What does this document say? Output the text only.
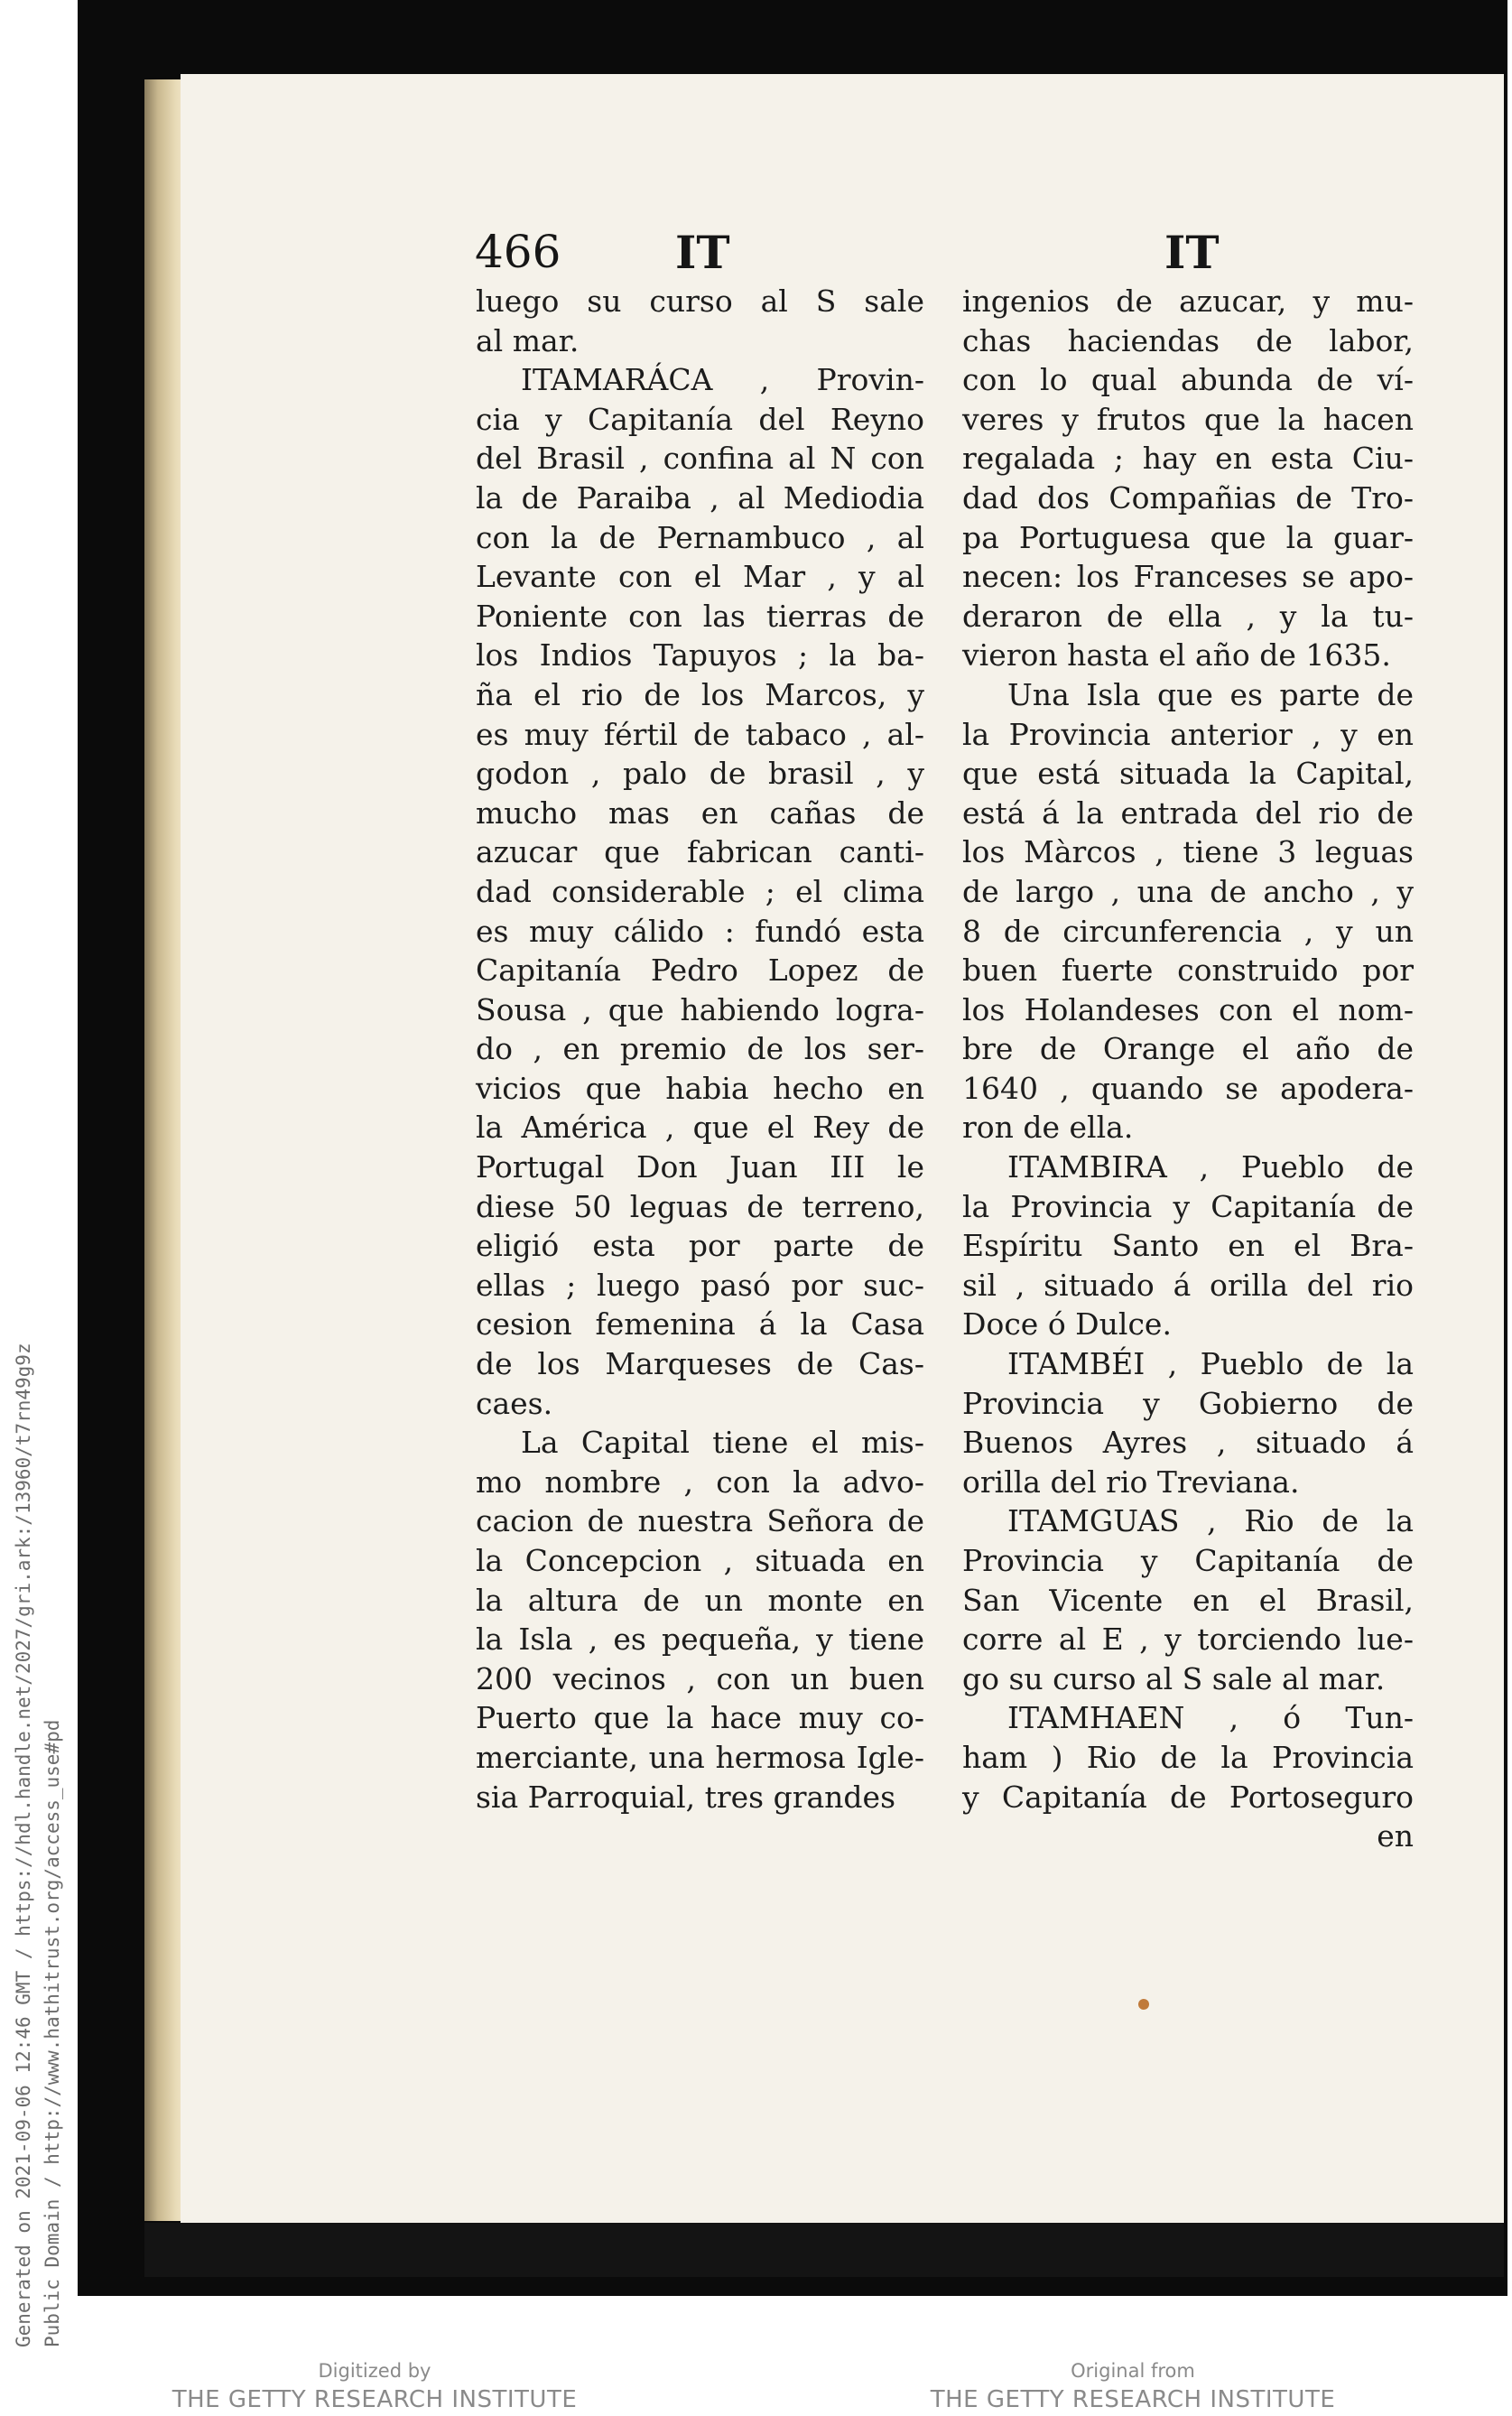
466	IT	IT
luego su curso al S sale
al mar.
ITAMARÁCA , Provin-
cia y Capitanía del Reyno
del Brasil , confina al N con
la de Paraiba , al Mediodia
con la de Pernambuco , al
Levante con el Mar , y al
Poniente con las tierras de
los Indios Tapuyos ; la ba-
ña el rio de los Marcos, y
es muy fértil de tabaco , al-
godon , palo de brasil , y
mucho mas en cañas de
azucar que fabrican canti-
dad considerable ; el clima
es muy cálido : fundó esta
Capitanía Pedro Lopez de
Sousa , que habiendo logra-
do , en premio de los ser-
vicios que habia hecho en
la América , que el Rey de
Portugal Don Juan III le
diese 50 leguas de terreno,
eligió esta por parte de
ellas ; luego pasó por suc-
cesion femenina á la Casa
de los Marqueses de Cas-
caes.
La Capital tiene el mis-
mo nombre , con la advo-
cacion de nuestra Señora de
la Concepcion , situada en
la altura de un monte en
la Isla , es pequeña, y tiene
200 vecinos , con un buen
Puerto que la hace muy co-
merciante, una hermosa Igle-
sia Parroquial, tres grandes
ingenios de azucar, y mu-
chas haciendas de labor,
con lo qual abunda de ví-
veres y frutos que la hacen
regalada ; hay en esta Ciu-
dad dos Compañias de Tro-
pa Portuguesa que la guar-
necen: los Franceses se apo-
deraron de ella , y la tu-
vieron hasta el año de 1635.
Una Isla que es parte de
la Provincia anterior , y en
que está situada la Capital,
está á la entrada del rio de
los Màrcos , tiene 3 leguas
de largo , una de ancho , y
8 de circunferencia , y un
buen fuerte construido por
los Holandeses con el nom-
bre de Orange el año de
1640 , quando se apodera-
ron de ella.
ITAMBIRA , Pueblo de
la Provincia y Capitanía de
Espíritu Santo en el Bra-
sil , situado á orilla del rio
Doce ó Dulce.
ITAMBÉI , Pueblo de la
Provincia y Gobierno de
Buenos Ayres , situado á
orilla del rio Treviana.
ITAMGUAS , Rio de la
Provincia y Capitanía de
San Vicente en el Brasil,
corre al E , y torciendo lue-
go su curso al S sale al mar.
ITAMHAEN , ó Tun-
ham ) Rio de la Provincia
y Capitanía de Portoseguro
en
Generated on 2021-09-06 12:46 GMT / https://hdl.handle.net/2027/gri.ark:/13960/t7rn49g9z Public Domain / http://www.hathitrust.org/access_use#pd
Digitized by
THE GETTY RESEARCH INSTITUTE
Original from
THE GETTY RESEARCH INSTITUTE
